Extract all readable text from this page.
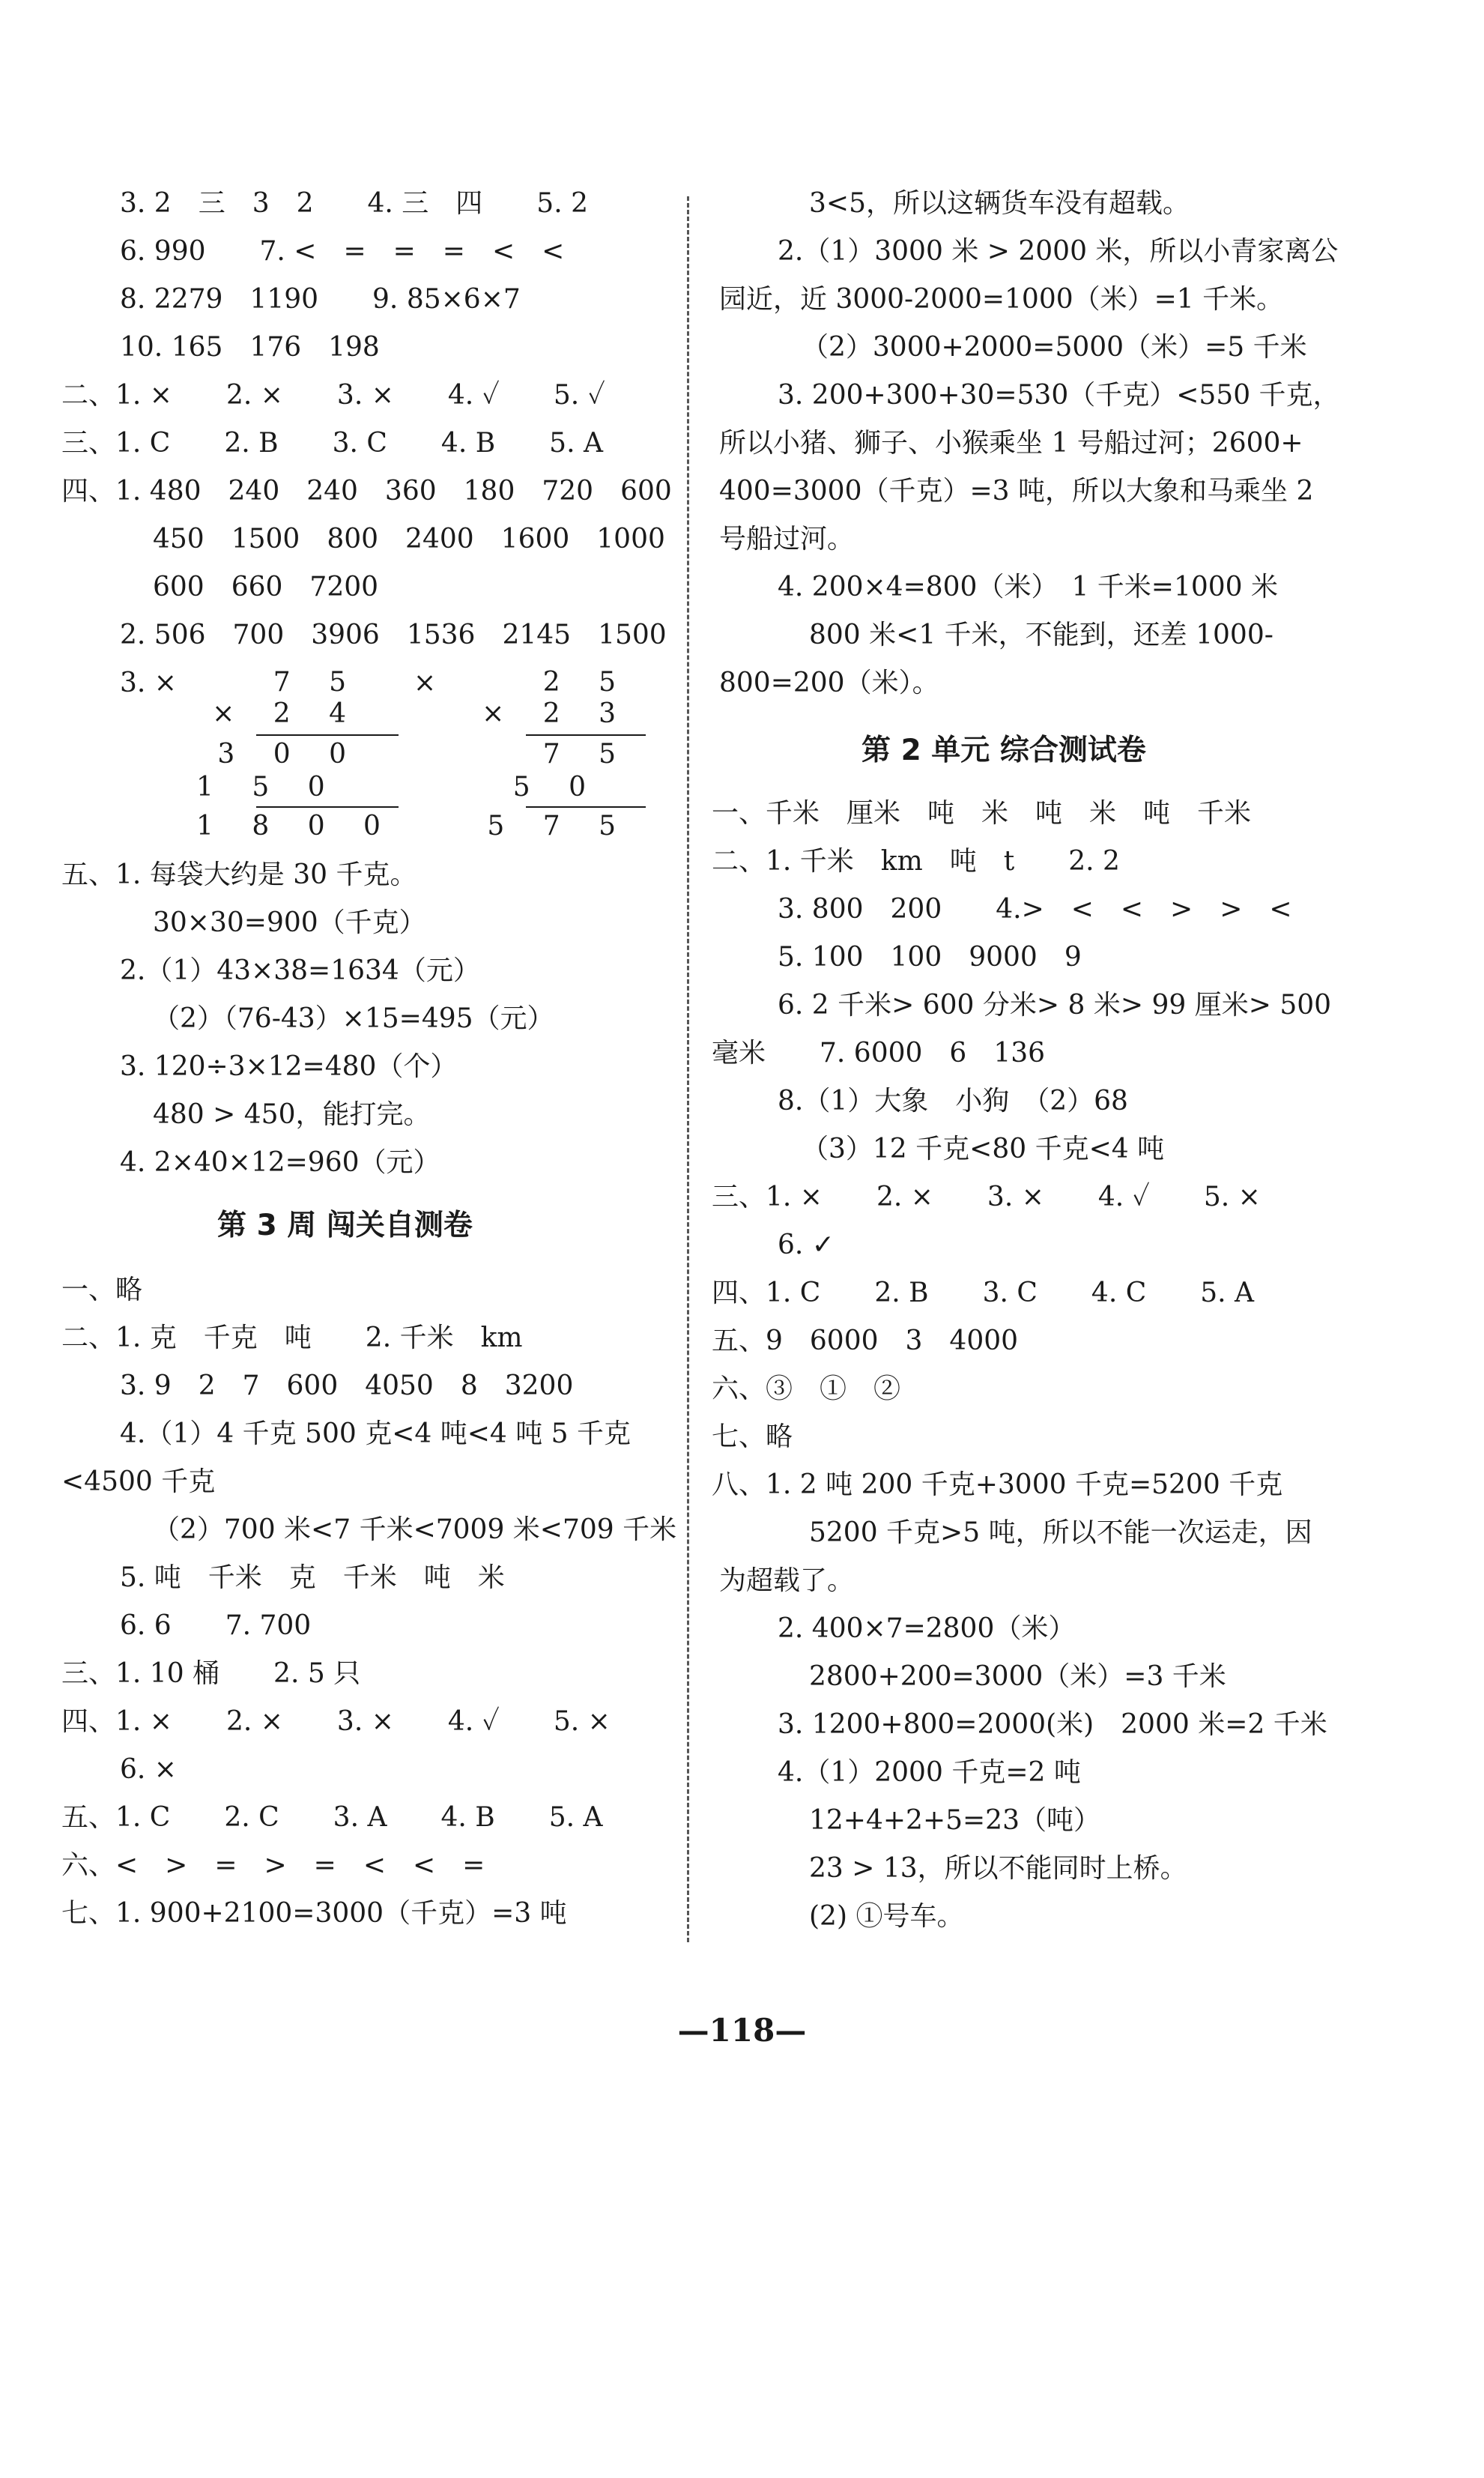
3. 2　三　3　2　　4. 三　四　　5. 2
6. 990　　7. <　=　=　=　<　<
8. 2279　1190　　9. 85×6×7
10. 165　176　198
二、1. ×　　2. ×　　3. ×　　4. ✓　　5. ✓
三、1. C　　2. B　　3. C　　4. B　　5. A
四、1. 480　240　240　360　180　720　600
450　1500　800　2400　1600　1000
600　660　7200
2. 506　700　3906　1536　2145　1500
3. ×	7 5
× 2 4
3 0 0
1 5 0
1 8 0 0
×	2 5
× 2 3
7 5
5 0
5 7 5
五、1. 每袋大约是 30 千克。
30×30=900（千克）
2.（1）43×38=1634（元）
（2）（76-43）×15=495（元）
3. 120÷3×12=480（个）
480 > 450，能打完。
4. 2×40×12=960（元）
第 3 周 闯关自测卷
一、略
二、1. 克　千克　吨　　2. 千米　km
3. 9　2　7　600　4050　8　3200
4.（1）4 千克 500 克<4 吨<4 吨 5 千克
<4500 千克
（2）700 米<7 千米<7009 米<709 千米
5. 吨　千米　克　千米　吨　米
6. 6　　7. 700
三、1. 10 桶　　2. 5 只
四、1. ×　　2. ×　　3. ×　　4. ✓　　5. ×
6. ×
五、1. C　　2. C　　3. A　　4. B　　5. A
六、<　>　=　>　=　<　<　=
七、1. 900+2100=3000（千克）=3 吨
3<5，所以这辆货车没有超载。
2.（1）3000 米 > 2000 米，所以小青家离公
园近，近 3000-2000=1000（米）=1 千米。
（2）3000+2000=5000（米）=5 千米
3. 200+300+30=530（千克）<550 千克，
所以小猪、狮子、小猴乘坐 1 号船过河；2600+
400=3000（千克）=3 吨，所以大象和马乘坐 2
号船过河。
4. 200×4=800（米）　1 千米=1000 米
800 米<1 千米，不能到，还差 1000-
800=200（米）。
第 2 单元 综合测试卷
一、千米　厘米　吨　米　吨　米　吨　千米
二、1. 千米　km　吨　t　　2. 2
3. 800　200　　4.>　<　<　>　>　<
5. 100　100　9000　9
6. 2 千米> 600 分米> 8 米> 99 厘米> 500
毫米　　7. 6000　6　136
8.（1）大象　小狗　（2）68
（3）12 千克<80 千克<4 吨
三、1. ×　　2. ×　　3. ×　　4. ✓　　5. ×
6. ✓
四、1. C　　2. B　　3. C　　4. C　　5. A
五、9　6000　3　4000
六、③　①　②
七、略
八、1. 2 吨 200 千克+3000 千克=5200 千克
5200 千克>5 吨，所以不能一次运走，因
为超载了。
2. 400×7=2800（米）
2800+200=3000（米）=3 千米
3. 1200+800=2000(米)　2000 米=2 千米
4.（1）2000 千克=2 吨
12+4+2+5=23（吨）
23 > 13，所以不能同时上桥。
(2) ①号车。
—118—
